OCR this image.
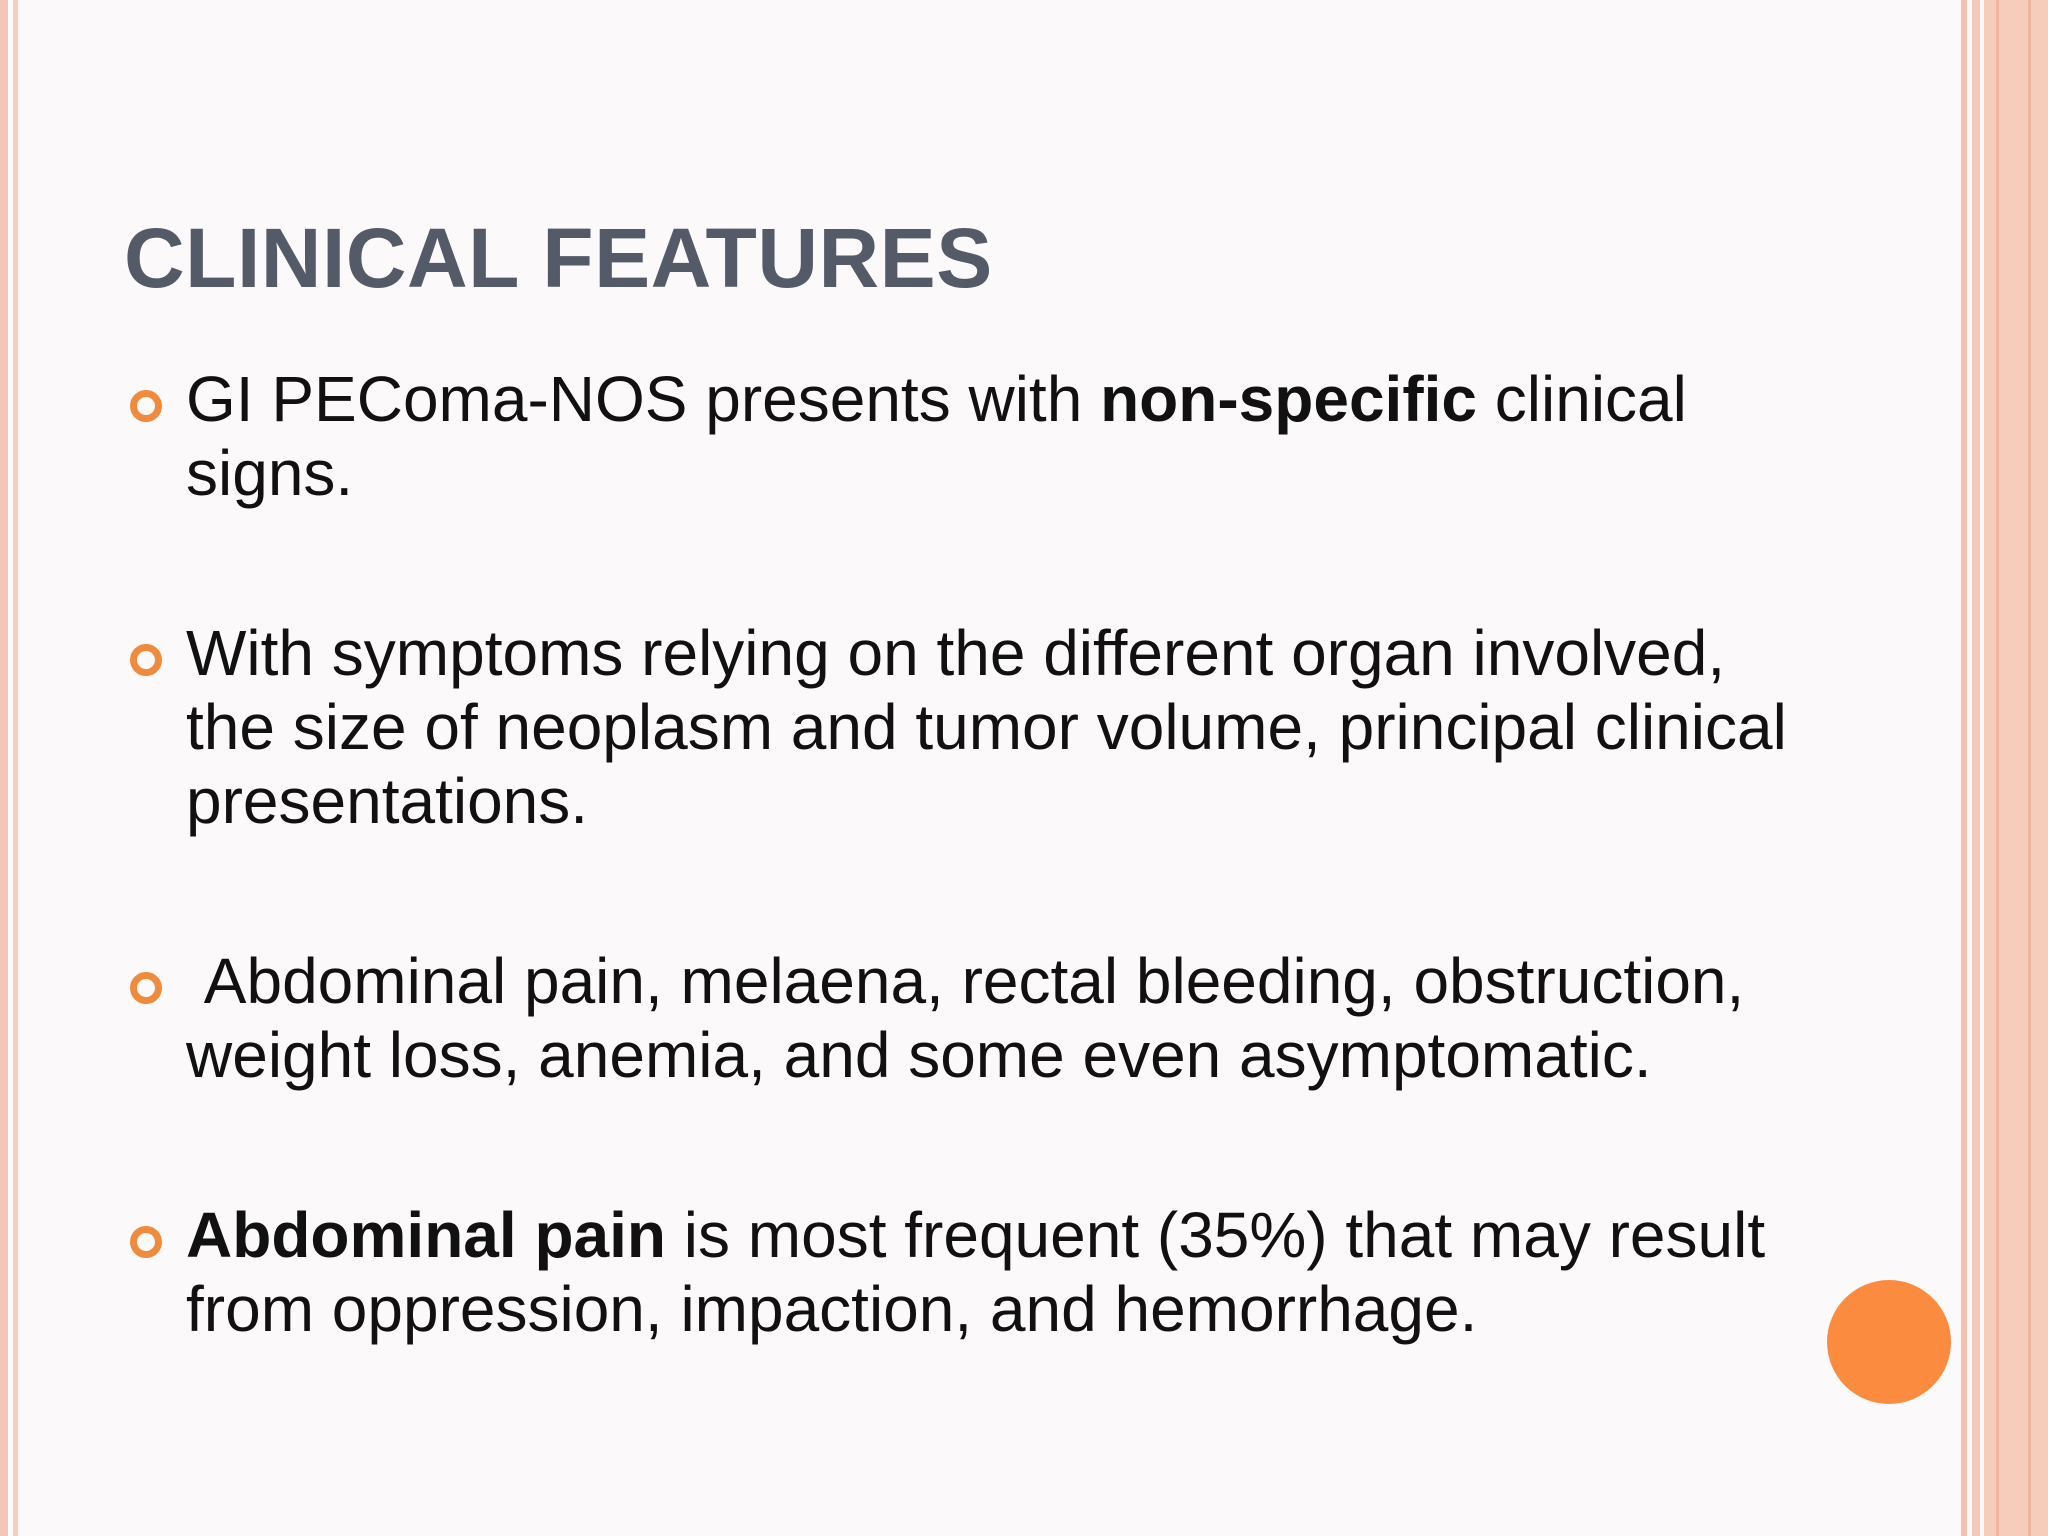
CLINICAL FEATURES
GI PEComa-NOS presents with non-specific clinical signs.
With symptoms relying on the different organ involved, the size of neoplasm and tumor volume, principal clinical presentations.
Abdominal pain, melaena, rectal bleeding, obstruction, weight loss, anemia, and some even asymptomatic.
Abdominal pain is most frequent (35%) that may result from oppression, impaction, and hemorrhage.
